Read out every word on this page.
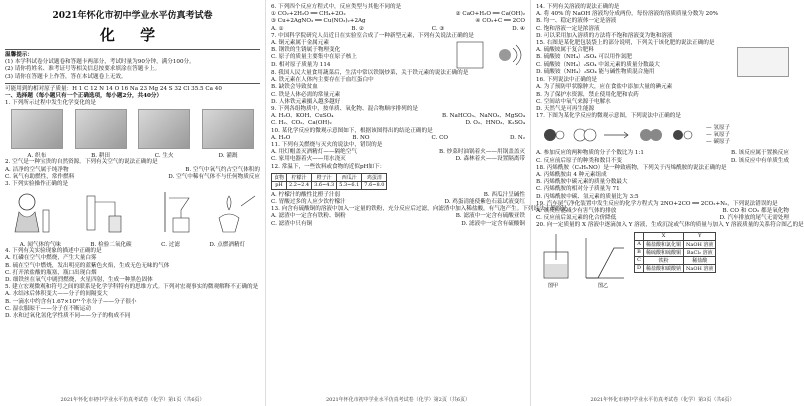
2021年怀化市初中学业水平仿真考试卷
化 学
温馨提示：
(1) 本学科试卷分试题卷和答题卡两部分，考试时量为90分钟，满分100分。
(2) 请你将姓名、准考证号等相关信息按要求填涂在答题卡上。
(3) 请你在答题卡上作答，答在本试题卷上无效。
可能用到的相对原子质量：H 1 C 12 N 14 O 16 Na 23 Mg 24 S 32 Cl 35.5 Ca 40
一、选择题（每小题只有一个正确选项，每小题2分，共40分）
1. 下列所示过程中发生化学变化的是
A. 织布	B. 耕田	C. 生火	D. 灌溉
2. 空气是一种宝贵的自然资源。下列有关空气的说法正确的是
A. 洁净的空气属于纯净物	B. 空气中氧气约占空气体积的
C. 氧气有助燃性，常作燃料	D. 空气中稀有气体不与任何物质反应
3. 下列实验操作正确的是
A. 闻气体的气味	B. 检验二氧化碳	C. 过滤	D. 点燃酒精灯
4. 下列有关实验现象的描述中正确的是
A. 红磷在空气中燃烧，产生大量白雾
B. 硫在空气中燃烧，发出明亮的蓝紫色火焰，生成无色无味的气体
C. 打开浓盐酸的瓶塞，瓶口出现白烟
D. 细铁丝在氧气中剧烈燃烧，火星四射，生成一种黑色固体
5. 建立宏观微观和符号之间的联系是化学学科特有的思维方式。下列对宏观事实的微观解释不正确的是
A. 水结冰后体积变大——分子的间隔变大
B. 一滴水中约含有1.67×10²¹个水分子——分子很小
C. 湿衣服晾干——分子在不断运动
D. 水和过氧化氢化学性质不同——分子的构成不同
2021年怀化市初中学业水平仿真考试卷（化学）第1页（共6页）
6. 下列四个反应方程式中，反应类型与其他不同的是
① CO₂+2H₂O ══ CH₄+2O₂	② CaO+H₂O ══ Ca(OH)₂
③ Cu+2AgNO₃ ══ Cu(NO₃)₂+2Ag	④ CO₂+C ══ 2CO
A. ①	B. ②	C. ③	D. ④
7. 中国科学院研究人员近日在实验室合成了一种新型元素，下列有关说法正确的是
A. 铜元素属于金属元素
B. 钢铁的生锈属于物理变化
C. 原子的质量主要集中在原子核上
D. 相对原子质量为 114
8. 我国人民大量食用蔬菜后，生活中常以铁锅炒菜，关于铁元素的说法正确的是
A. 铁元素在人体内主要存在于血红蛋白中
B. 缺铁会导致贫血
C. 铁是人体必需的常量元素
D. 人体铁元素摄入越多越好
9. 下列各组物质中，按单质、氧化物、混合物顺序排列的是
A. H₂O、KOH、CuSO₄	B. NaHCO₃、NaNO₃、MgSO₄
C. H₂、CO₂、Ca(OH)₂	D. O₂、HNO₃、K₂SO₄
10. 某化学反应的微观示意图如下，根据该图得出的结论正确的是
A. H₂O	B. NO	C. CO	D. N₂
11. 下列有关燃烧与灭火的说法中，错误的是
A. 用灯帽盖灭酒精灯——隔绝空气	B. 炒菜时油锅着火——用锅盖盖灭
C. 家用电器着火——用水浇灭	D. 森林着火——设置隔离带
12. 常温下，一些饮料或食物的近似pH如下：
食物	柠檬汁	橙子汁	西瓜汁	鸡蛋清
pH	2.2~2.4	3.6~4.3	5.3~6.1	7.6~8.0
A. 柠檬汁的酸性比橙子汁弱	B. 西瓜汁呈碱性
C. 胃酸过多的人应少饮柠檬汁	D. 鸡蛋清能使紫色石蕊试液变红
13. 向含有硫酸铜的溶液中加入一定量的铁粉，充分反应后过滤，向滤渣中加入稀盐酸，有气泡产生。下列说法正确的是
A. 滤渣中一定含有铁粉、铜粉	B. 滤液中一定含有硫酸亚铁
C. 滤渣中只有铜	D. 滤液中一定含有硫酸铜
2021年怀化市初中学业水平仿真考试卷（化学）第2页（共6页）
14. 下列有关溶液的说法正确的是
A. 将 40% 的 NaOH 溶液均分成两份，每份溶液的溶质质量分数为 20%
B. 均一、稳定的液体一定是溶液
C. 饱和溶液一定是浓溶液
D. 可以采用加入溶质的方法将不饱和溶液变为饱和溶液
15. 右图是某化肥包装袋上的部分说明，下列关于该化肥的说法正确的是
A. 硫酸铵属于复合肥料
B. 硫酸铵（NH₄）₂SO₄ 可以用作氮肥
C. 硫酸铵（NH₄）₂SO₄ 中氮元素的质量分数最大
D. 硫酸铵（NH₄）₂SO₄ 能与碱性物质混合施用
16. 下列说法中正确的是
A. 为了预防甲状腺肿大，应在食盐中添加大量的碘元素
B. 为了保护水资源，禁止使用化肥和农药
C. 空间站中氧气来源于电解水
D. 天然气是可再生能源
17. 下图为某化学反应的微观示意图，下列说法中正确的是
— 氢原子
— 氧原子
— 碳原子
A. 参加反应的两种物质的分子个数比为 1:1	B. 该反应属于置换反应
C. 反应前后原子的种类和数目不变	D. 该反应中有单质生成
18. 丙烯酰胺（C₃H₅NO）是一种致癌物，下列关于丙烯酰胺的说法正确的是
A. 丙烯酰胺由 4 种元素组成
B. 丙烯酰胺中碳元素的质量分数最大
C. 丙烯酰胺的相对分子质量为 71
D. 丙烯酰胺中碳、氢元素的质量比为 3:5
19. 汽车尾气净化装置中发生反应的化学方程式为 2NO+2CO ══ 2CO₂+N₂，下列说法错误的是
A. 该反应能减少有害气体的排放	B. CO 和 CO₂ 都是氧化物
C. 反应前后氮元素的化合价降低	D. 汽车排放的尾气无需处理
20. 向一定质量的 X 溶液中逐滴加入 Y 溶液，生成沉淀或气体的质量与加入 Y 溶液质量的关系符合图乙的是
图甲	图乙
	X	Y
A	稀盐酸和氯化铜	NaOH 溶液
B	稀硫酸和硫酸铜	BaCl₂ 溶液
C	铁粉	稀盐酸
D	稀盐酸和碳酸钠	NaOH 溶液
2021年怀化市初中学业水平仿真考试卷（化学）第3页（共6页）
